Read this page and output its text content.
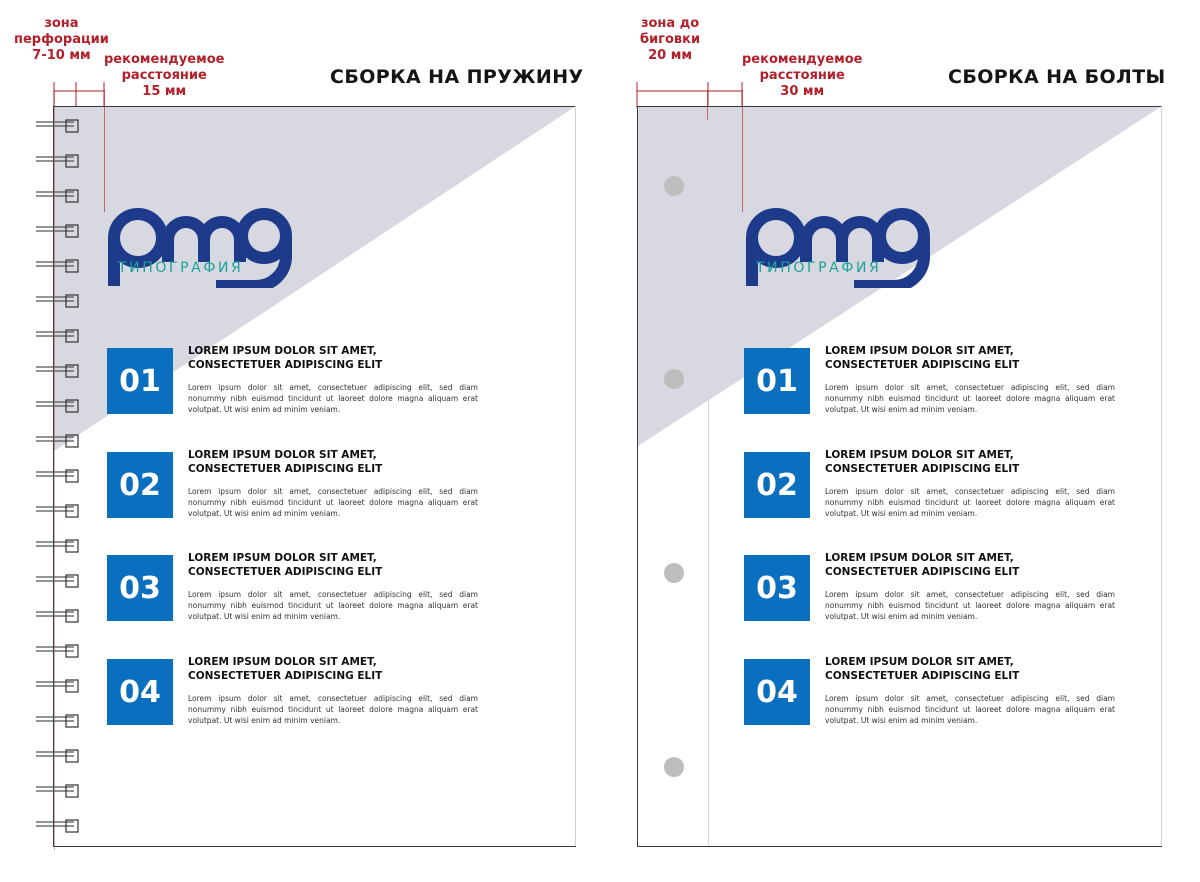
зона
перфорации
7-10 мм	рекомендуемое
расстояние
15 мм
СБОРКА НА ПРУЖИНУ
ТИПОГРАФИЯ
01
LOREM IPSUM DOLOR SIT AMET,
CONSECTETUER ADIPISCING ELIT
Lorem ipsum dolor sit amet, consectetuer adipiscing elit, sed diam nonummy nibh euismod tincidunt ut laoreet dolore magna aliquam erat volutpat. Ut wisi enim ad minim veniam.
02
LOREM IPSUM DOLOR SIT AMET,
CONSECTETUER ADIPISCING ELIT
Lorem ipsum dolor sit amet, consectetuer adipiscing elit, sed diam nonummy nibh euismod tincidunt ut laoreet dolore magna aliquam erat volutpat. Ut wisi enim ad minim veniam.
03
LOREM IPSUM DOLOR SIT AMET,
CONSECTETUER ADIPISCING ELIT
Lorem ipsum dolor sit amet, consectetuer adipiscing elit, sed diam nonummy nibh euismod tincidunt ut laoreet dolore magna aliquam erat volutpat. Ut wisi enim ad minim veniam.
04
LOREM IPSUM DOLOR SIT AMET,
CONSECTETUER ADIPISCING ELIT
Lorem ipsum dolor sit amet, consectetuer adipiscing elit, sed diam nonummy nibh euismod tincidunt ut laoreet dolore magna aliquam erat volutpat. Ut wisi enim ad minim veniam.
зона до
биговки
20 мм	рекомендуемое
расстояние
30 мм
СБОРКА НА БОЛТЫ
ТИПОГРАФИЯ
01
LOREM IPSUM DOLOR SIT AMET,
CONSECTETUER ADIPISCING ELIT
Lorem ipsum dolor sit amet, consectetuer adipiscing elit, sed diam nonummy nibh euismod tincidunt ut laoreet dolore magna aliquam erat volutpat. Ut wisi enim ad minim veniam.
02
LOREM IPSUM DOLOR SIT AMET,
CONSECTETUER ADIPISCING ELIT
Lorem ipsum dolor sit amet, consectetuer adipiscing elit, sed diam nonummy nibh euismod tincidunt ut laoreet dolore magna aliquam erat volutpat. Ut wisi enim ad minim veniam.
03
LOREM IPSUM DOLOR SIT AMET,
CONSECTETUER ADIPISCING ELIT
Lorem ipsum dolor sit amet, consectetuer adipiscing elit, sed diam nonummy nibh euismod tincidunt ut laoreet dolore magna aliquam erat volutpat. Ut wisi enim ad minim veniam.
04
LOREM IPSUM DOLOR SIT AMET,
CONSECTETUER ADIPISCING ELIT
Lorem ipsum dolor sit amet, consectetuer adipiscing elit, sed diam nonummy nibh euismod tincidunt ut laoreet dolore magna aliquam erat volutpat. Ut wisi enim ad minim veniam.
